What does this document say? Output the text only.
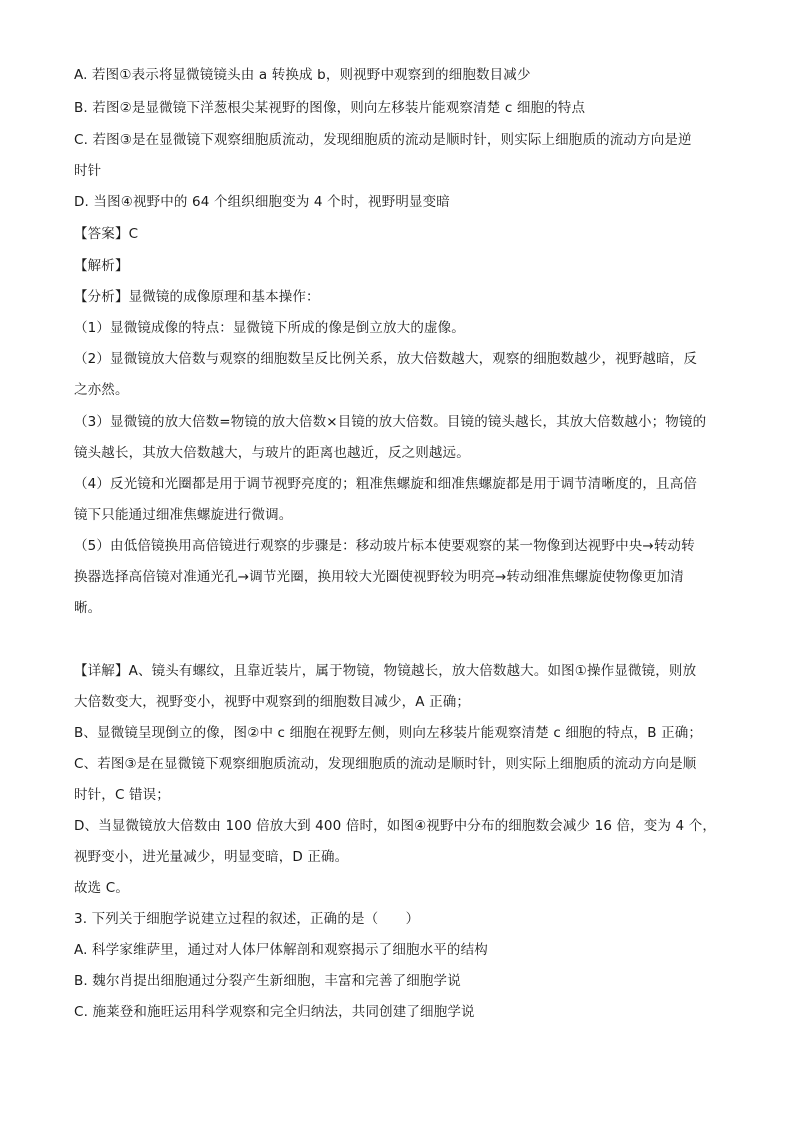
A. 若图①表示将显微镜镜头由 a 转换成 b，则视野中观察到的细胞数目减少
B. 若图②是显微镜下洋葱根尖某视野的图像，则向左移装片能观察清楚 c 细胞的特点
C. 若图③是在显微镜下观察细胞质流动，发现细胞质的流动是顺时针，则实际上细胞质的流动方向是逆
时针
D. 当图④视野中的 64 个组织细胞变为 4 个时，视野明显变暗
【答案】C
【解析】
【分析】显微镜的成像原理和基本操作：
（1）显微镜成像的特点：显微镜下所成的像是倒立放大的虚像。
（2）显微镜放大倍数与观察的细胞数呈反比例关系，放大倍数越大，观察的细胞数越少，视野越暗，反
之亦然。
（3）显微镜的放大倍数=物镜的放大倍数×目镜的放大倍数。目镜的镜头越长，其放大倍数越小；物镜的
镜头越长，其放大倍数越大，与玻片的距离也越近，反之则越远。
（4）反光镜和光圈都是用于调节视野亮度的；粗准焦螺旋和细准焦螺旋都是用于调节清晰度的，且高倍
镜下只能通过细准焦螺旋进行微调。
（5）由低倍镜换用高倍镜进行观察的步骤是：移动玻片标本使要观察的某一物像到达视野中央→转动转
换器选择高倍镜对准通光孔→调节光圈，换用较大光圈使视野较为明亮→转动细准焦螺旋使物像更加清
晰。
【详解】A、镜头有螺纹，且靠近装片，属于物镜，物镜越长，放大倍数越大。如图①操作显微镜，则放
大倍数变大，视野变小，视野中观察到的细胞数目减少，A 正确；
B、显微镜呈现倒立的像，图②中 c 细胞在视野左侧，则向左移装片能观察清楚 c 细胞的特点，B 正确；
C、若图③是在显微镜下观察细胞质流动，发现细胞质的流动是顺时针，则实际上细胞质的流动方向是顺
时针，C 错误；
D、当显微镜放大倍数由 100 倍放大到 400 倍时，如图④视野中分布的细胞数会减少 16 倍，变为 4 个，
视野变小，进光量减少，明显变暗，D 正确。
故选 C。
3. 下列关于细胞学说建立过程的叙述，正确的是（　　）
A. 科学家维萨里，通过对人体尸体解剖和观察揭示了细胞水平的结构
B. 魏尔肖提出细胞通过分裂产生新细胞，丰富和完善了细胞学说
C. 施莱登和施旺运用科学观察和完全归纳法，共同创建了细胞学说
